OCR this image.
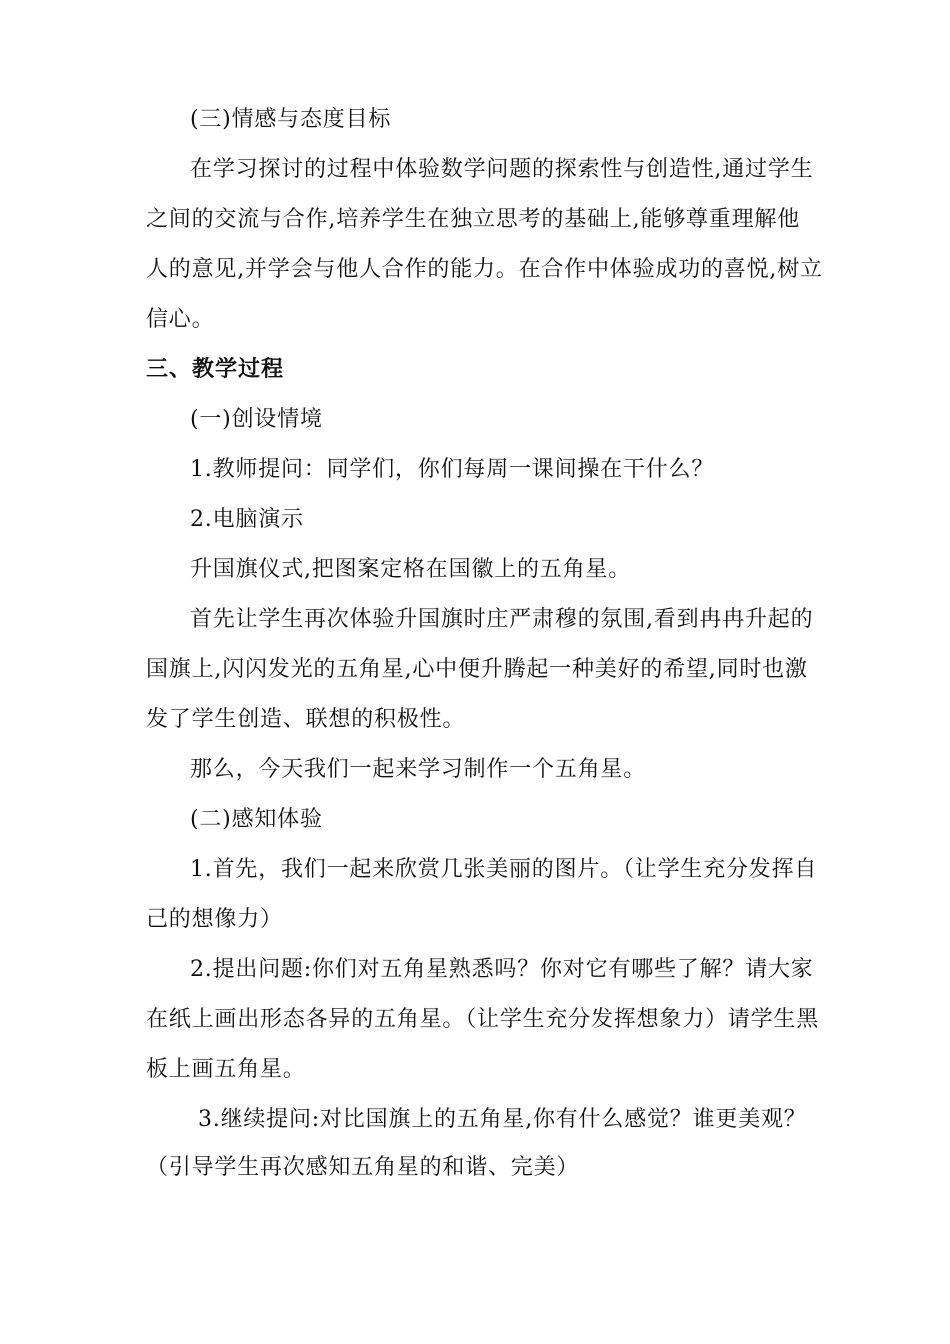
(三)情感与态度目标
在学习探讨的过程中体验数学问题的探索性与创造性,通过学生
之间的交流与合作,培养学生在独立思考的基础上,能够尊重理解他
人的意见,并学会与他人合作的能力。在合作中体验成功的喜悦,树立
信心。
三、教学过程
(一)创设情境
1.教师提问：同学们，你们每周一课间操在干什么？
2.电脑演示
升国旗仪式,把图案定格在国徽上的五角星。
首先让学生再次体验升国旗时庄严肃穆的氛围,看到冉冉升起的
国旗上,闪闪发光的五角星,心中便升腾起一种美好的希望,同时也激
发了学生创造、联想的积极性。
那么，今天我们一起来学习制作一个五角星。
(二)感知体验
1.首先，我们一起来欣赏几张美丽的图片。（让学生充分发挥自
己的想像力）
2.提出问题:你们对五角星熟悉吗？你对它有哪些了解？请大家
在纸上画出形态各异的五角星。（让学生充分发挥想象力）请学生黑
板上画五角星。
3.继续提问:对比国旗上的五角星,你有什么感觉？谁更美观？
（引导学生再次感知五角星的和谐、完美）
